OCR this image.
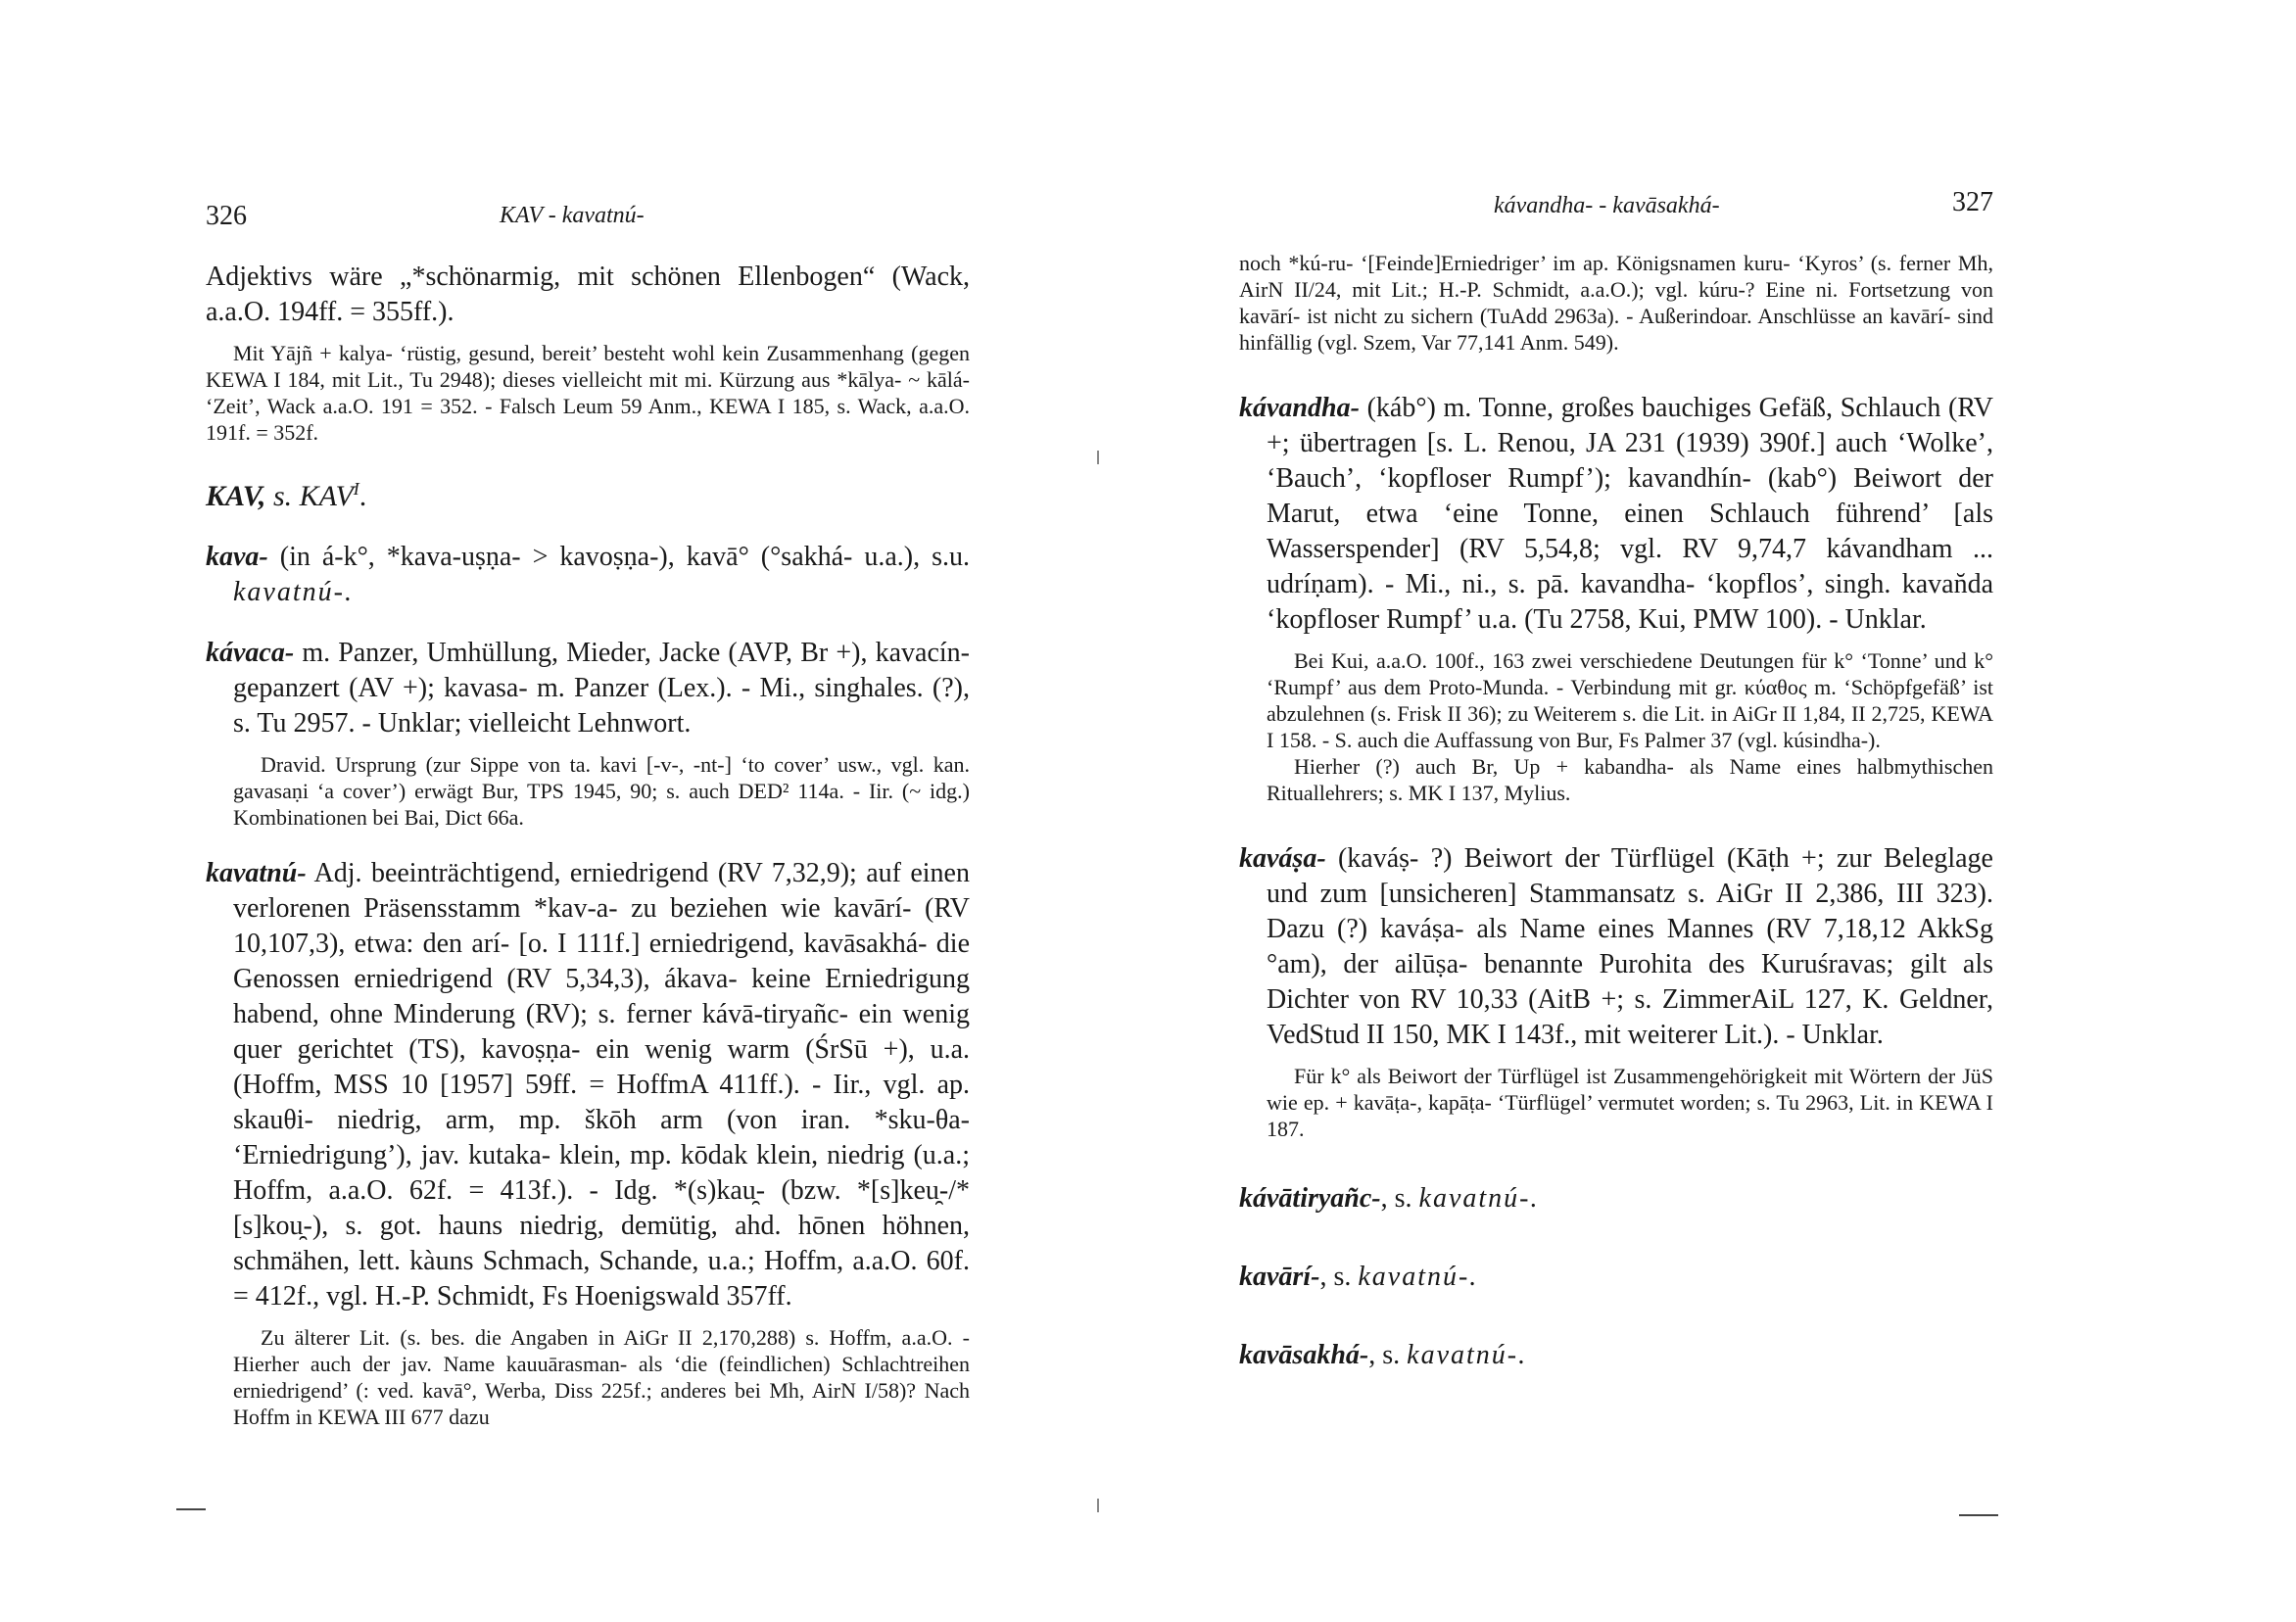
326	KAV - kavatnú-

Adjektivs wäre „*schönarmig, mit schönen Ellenbogen“ (Wack, a.a.O. 194ff. = 355ff.).

Mit Yājñ + kalya- ‘rüstig, gesund, bereit’ besteht wohl kein Zusammenhang (gegen KEWA I 184, mit Lit., Tu 2948); dieses vielleicht mit mi. Kürzung aus *kālya- ~ kālá- ‘Zeit’, Wack a.a.O. 191 = 352. - Falsch Leum 59 Anm., KEWA I 185, s. Wack, a.a.O. 191f. = 352f.

KAV, s. $KAV^I$.

kava- (in á-k°, *kava-uṣṇa- > kavoṣṇa-), kavā° (°sakhá- u.a.), s.u. kavatnú-.

kávaca- m. Panzer, Umhüllung, Mieder, Jacke (AVP, Br +), kavacín- gepanzert (AV +); kavasa- m. Panzer (Lex.). - Mi., singhales. (?), s. Tu 2957. - Unklar; vielleicht Lehnwort.

Dravid. Ursprung (zur Sippe von ta. kavi [-v-, -nt-] ‘to cover’ usw., vgl. kan. gavasaṇi ‘a cover’) erwägt Bur, TPS 1945, 90; s. auch DED² 114a. - Iir. (~ idg.) Kombinationen bei Bai, Dict 66a.

kavatnú- Adj. beeinträchtigend, erniedrigend (RV 7,32,9); auf einen verlorenen Präsensstamm *kav-a- zu beziehen wie kavārí- (RV 10,107,3), etwa: den arí- [o. I 111f.] erniedrigend, kavāsakhá- die Genossen erniedrigend (RV 5,34,3), ákava- keine Erniedrigung habend, ohne Minderung (RV); s. ferner kávā-tiryañc- ein wenig quer gerichtet (TS), kavoṣṇa- ein wenig warm (ŚrSū +), u.a. (Hoffm, MSS 10 [1957] 59ff. = HoffmA 411ff.). - Iir., vgl. ap. skauθi- niedrig, arm, mp. škōh arm (von iran. *sku-θa- ‘Erniedrigung’), jav. kutaka- klein, mp. kōdak klein, niedrig (u.a.; Hoffm, a.a.O. 62f. = 413f.). - Idg. *(s)kau̯- (bzw. *[s]keu̯-/*[s]kou̯-), s. got. hauns niedrig, demütig, ahd. hōnen höhnen, schmähen, lett. kàuns Schmach, Schande, u.a.; Hoffm, a.a.O. 60f. = 412f., vgl. H.-P. Schmidt, Fs Hoenigswald 357ff.

Zu älterer Lit. (s. bes. die Angaben in AiGr II 2,170,288) s. Hoffm, a.a.O. - Hierher auch der jav. Name kauuārasman- als ‘die (feindlichen) Schlachtreihen erniedrigend’ (: ved. kavā°, Werba, Diss 225f.; anderes bei Mh, AirN I/58)? Nach Hoffm in KEWA III 677 dazu

kávandha- - kavāsakhá-	327

noch *kú-ru- ‘[Feinde]Erniedriger’ im ap. Königsnamen kuru- ‘Kyros’ (s. ferner Mh, AirN II/24, mit Lit.; H.-P. Schmidt, a.a.O.); vgl. kúru-? Eine ni. Fortsetzung von kavārí- ist nicht zu sichern (TuAdd 2963a). - Außerindoar. Anschlüsse an kavārí- sind hinfällig (vgl. Szem, Var 77,141 Anm. 549).

kávandha- (káb°) m. Tonne, großes bauchiges Gefäß, Schlauch (RV +; übertragen [s. L. Renou, JA 231 (1939) 390f.] auch ‘Wolke’, ‘Bauch’, ‘kopfloser Rumpf’); kavandhín- (kab°) Beiwort der Marut, etwa ‘eine Tonne, einen Schlauch führend’ [als Wasserspender] (RV 5,54,8; vgl. RV 9,74,7 kávandham ... udríṇam). - Mi., ni., s. pā. kavandha- ‘kopflos’, singh. kavan̆da ‘kopfloser Rumpf’ u.a. (Tu 2758, Kui, PMW 100). - Unklar.

Bei Kui, a.a.O. 100f., 163 zwei verschiedene Deutungen für k° ‘Tonne’ und k° ‘Rumpf’ aus dem Proto-Munda. - Verbindung mit gr. κύαθος m. ‘Schöpfgefäß’ ist abzulehnen (s. Frisk II 36); zu Weiterem s. die Lit. in AiGr II 1,84, II 2,725, KEWA I 158. - S. auch die Auffassung von Bur, Fs Palmer 37 (vgl. kúsindha-).

Hierher (?) auch Br, Up + kabandha- als Name eines halbmythischen Rituallehrers; s. MK I 137, Mylius.

kaváṣa- (kaváṣ- ?) Beiwort der Türflügel (Kāṭh +; zur Beleglage und zum [unsicheren] Stammansatz s. AiGr II 2,386, III 323). Dazu (?) kaváṣa- als Name eines Mannes (RV 7,18,12 AkkSg °am), der ailūṣa- benannte Purohita des Kuruśravas; gilt als Dichter von RV 10,33 (AitB +; s. ZimmerAiL 127, K. Geldner, VedStud II 150, MK I 143f., mit weiterer Lit.). - Unklar.

Für k° als Beiwort der Türflügel ist Zusammengehörigkeit mit Wörtern der JüS wie ep. + kavāṭa-, kapāṭa- ‘Türflügel’ vermutet worden; s. Tu 2963, Lit. in KEWA I 187.

kávātiryañc-, s. kavatnú-.

kavārí-, s. kavatnú-.

kavāsakhá-, s. kavatnú-.
